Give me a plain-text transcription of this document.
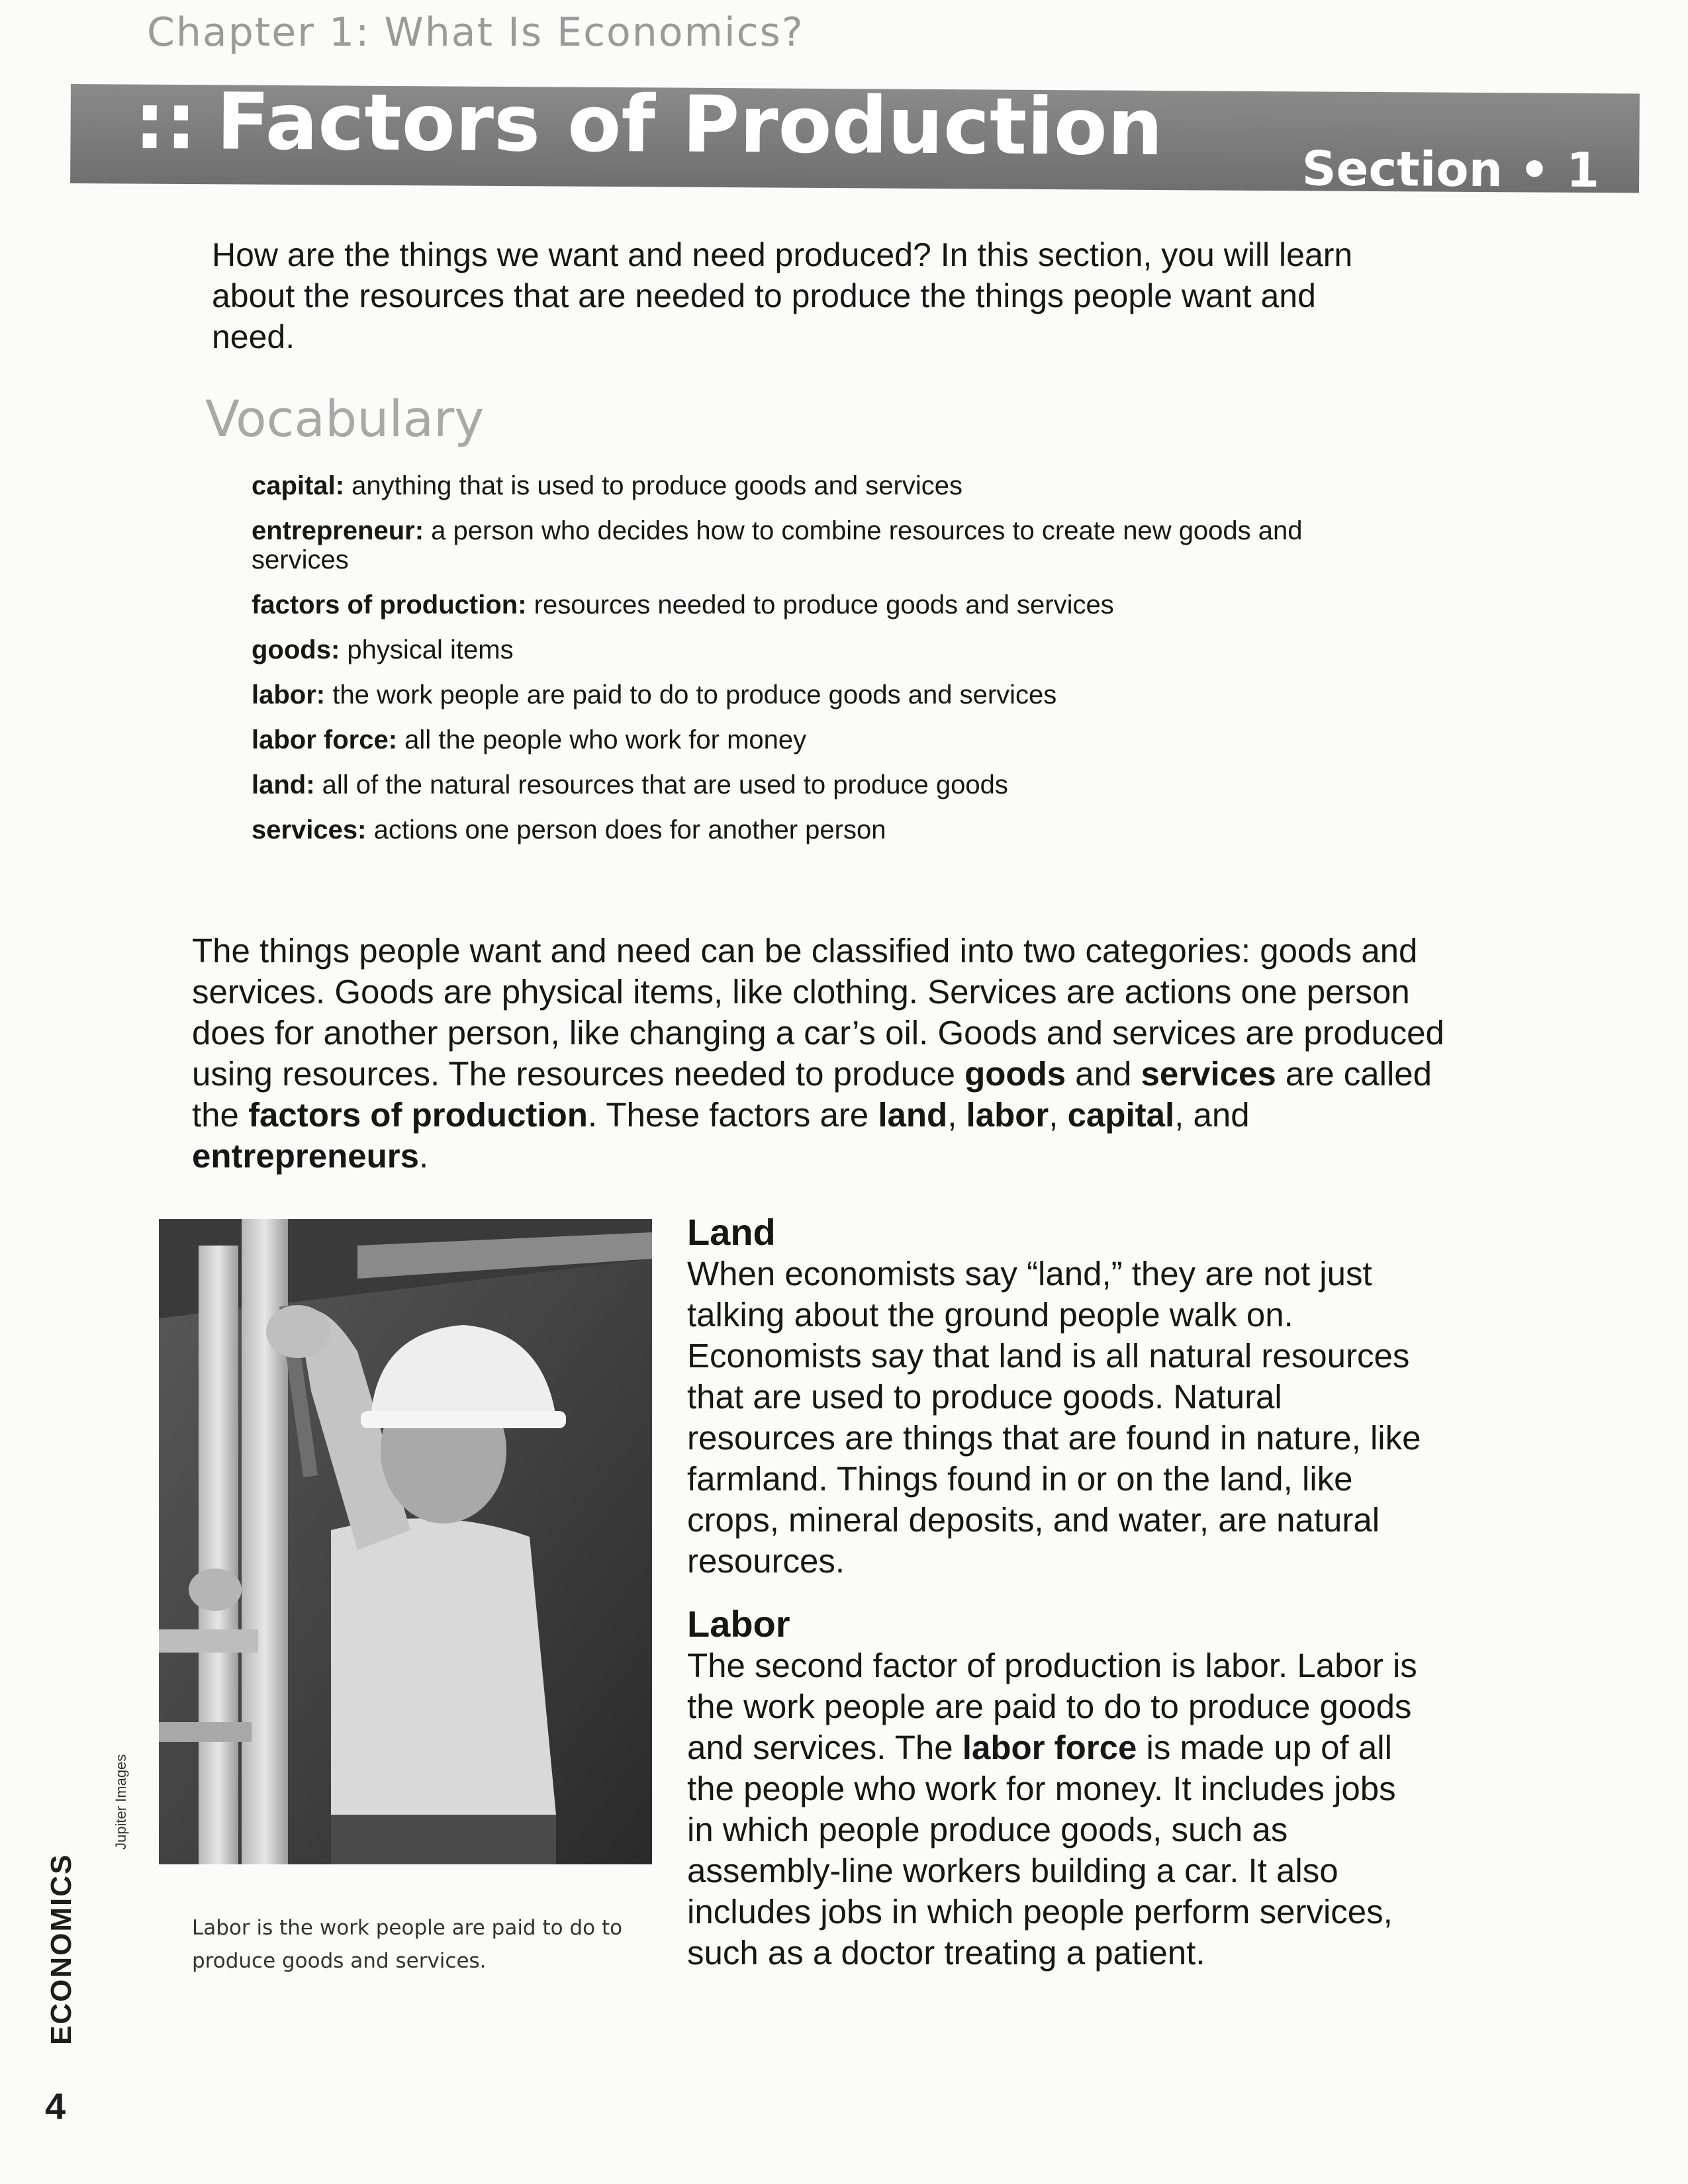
Chapter 1: What Is Economics?
:: Factors of Production	Section • 1

How are the things we want and need produced? In this section, you will learn about the resources that are needed to produce the things people want and need.

Vocabulary
capital: anything that is used to produce goods and services
entrepreneur: a person who decides how to combine resources to create new goods and services
factors of production: resources needed to produce goods and services
goods: physical items
labor: the work people are paid to do to produce goods and services
labor force: all the people who work for money
land: all of the natural resources that are used to produce goods
services: actions one person does for another person

The things people want and need can be classified into two categories: goods and services. Goods are physical items, like clothing. Services are actions one person does for another person, like changing a car’s oil. Goods and services are produced using resources. The resources needed to produce goods and services are called the factors of production. These factors are land, labor, capital, and entrepreneurs.

Jupiter Images
Labor is the work people are paid to do to produce goods and services.
Land

When economists say “land,” they are not just talking about the ground people walk on. Economists say that land is all natural resources that are used to produce goods. Natural resources are things that are found in nature, like farmland. Things found in or on the land, like crops, mineral deposits, and water, are natural resources.

Labor

The second factor of production is labor. Labor is the work people are paid to do to produce goods and services. The labor force is made up of all the people who work for money. It includes jobs in which people produce goods, such as assembly-line workers building a car. It also includes jobs in which people perform services, such as a doctor treating a patient.

ECONOMICS
4
